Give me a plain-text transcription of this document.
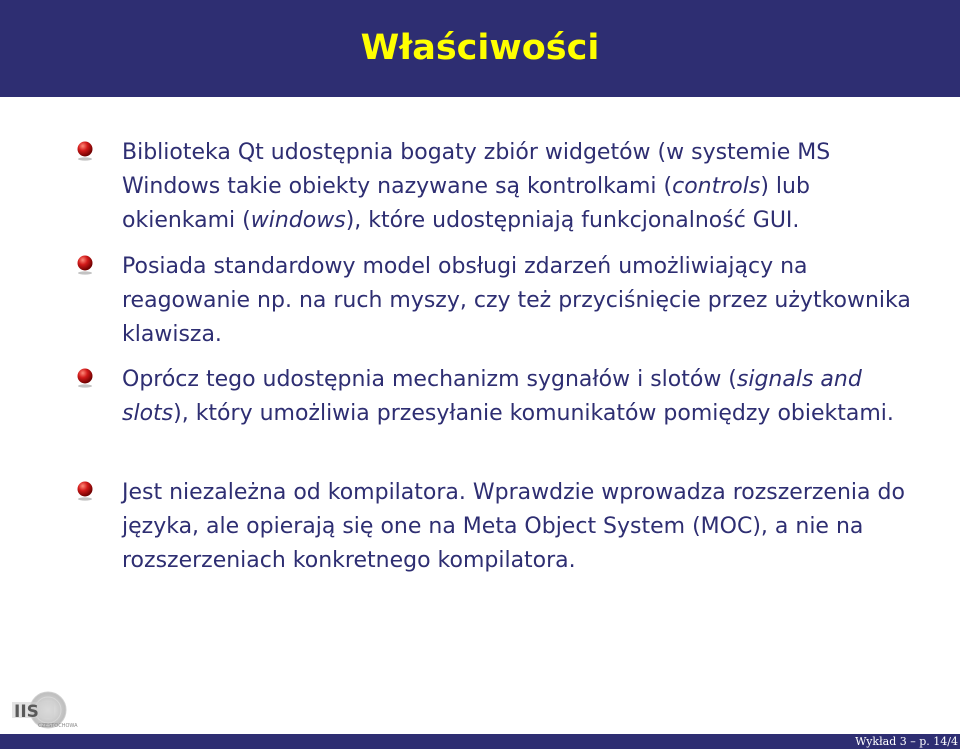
Właściwości
Biblioteka Qt udostępnia bogaty zbiór widgetów (w systemie MS Windows takie obiekty nazywane są kontrolkami (controls) lub okienkami (windows), które udostępniają funkcjonalność GUI.
Posiada standardowy model obsługi zdarzeń umożliwiający na reagowanie np. na ruch myszy, czy też przyciśnięcie przez użytkownika klawisza.
Oprócz tego udostępnia mechanizm sygnałów i slotów (signals and slots), który umożliwia przesyłanie komunikatów pomiędzy obiektami.
Jest niezależna od kompilatora. Wprawdzie wprowadza rozszerzenia do języka, ale opierają się one na Meta Object System (MOC), a nie na rozszerzeniach konkretnego kompilatora.
IIS
CZESTOCHOWA
Wykład 3 – p. 14/4
